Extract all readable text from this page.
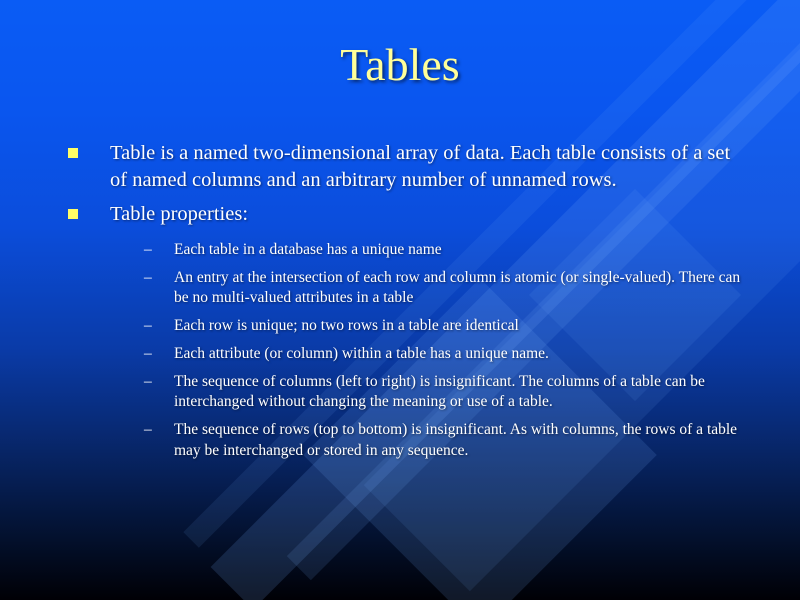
Tables
Table is a named two-dimensional array of data. Each table consists of a set of named columns and an arbitrary number of unnamed rows.
Table properties:
– Each table in a database has a unique name
– An entry at the intersection of each row and column is atomic (or single-valued). There can be no multi-valued attributes in a table
– Each row is unique; no two rows in a table are identical
– Each attribute (or column) within a table has a unique name.
– The sequence of columns (left to right) is insignificant. The columns of a table can be interchanged without changing the meaning or use of a table.
– The sequence of rows (top to bottom) is insignificant. As with columns, the rows of a table may be interchanged or stored in any sequence.
